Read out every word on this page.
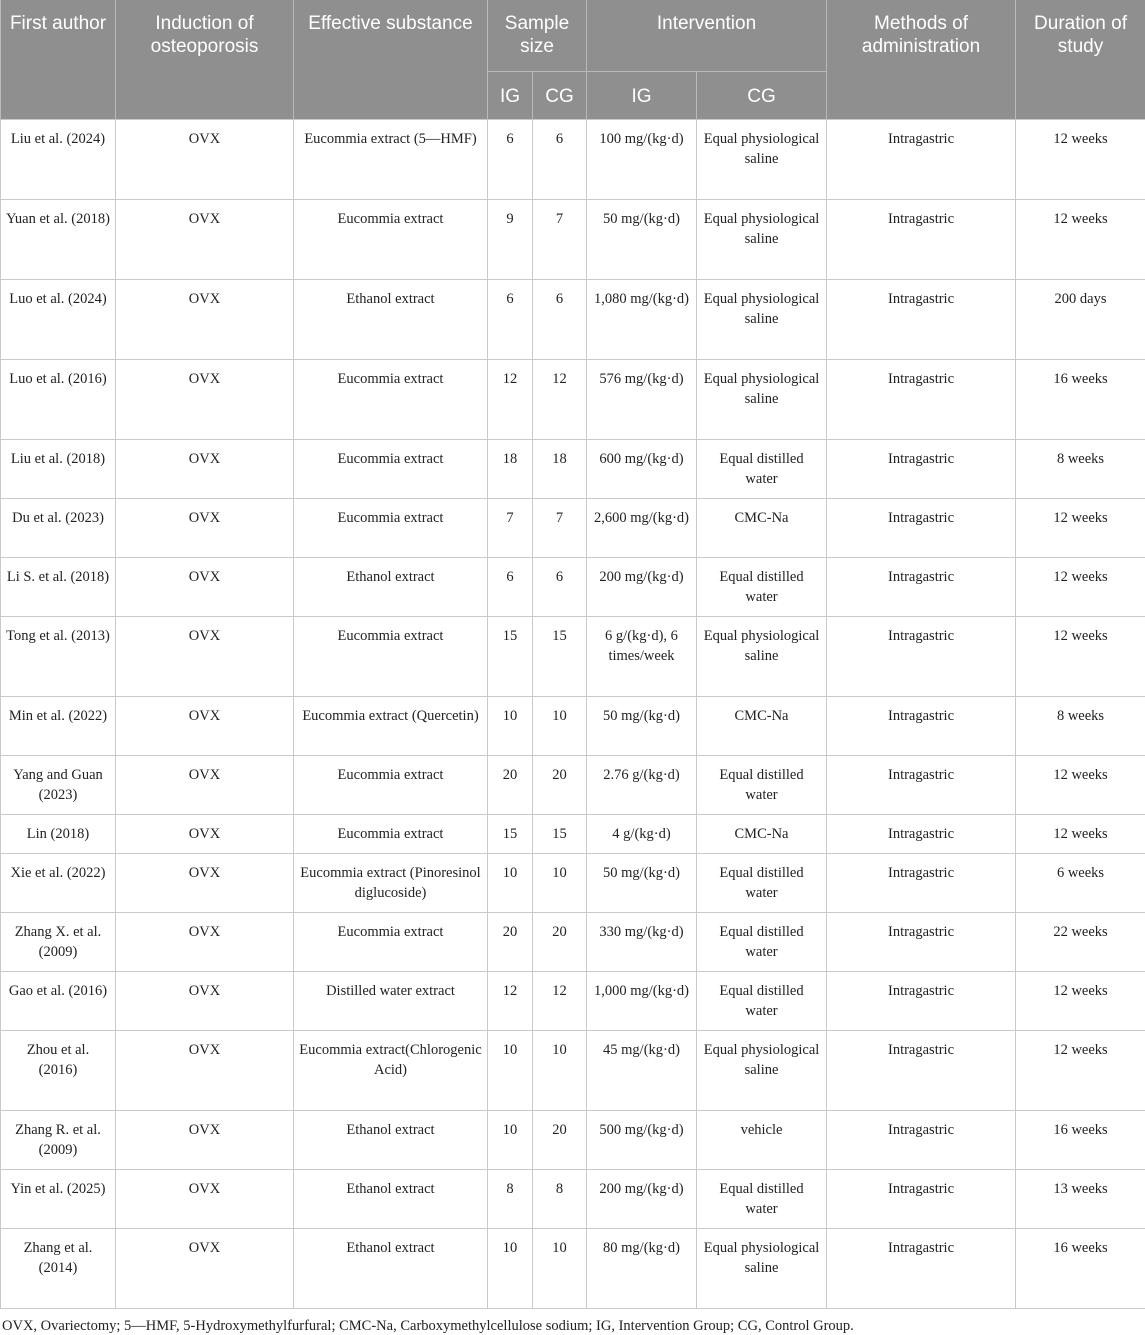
First author	Induction of osteoporosis	Effective substance	Sample size		Intervention		Methods of administration	Duration of study
			IG	CG	IG	CG		
Liu et al. (2024)	OVX	Eucommia extract (5—HMF)	6	6	100 mg/(kg·d)	Equal physiological saline	Intragastric	12 weeks
Yuan et al. (2018)	OVX	Eucommia extract	9	7	50 mg/(kg·d)	Equal physiological saline	Intragastric	12 weeks
Luo et al. (2024)	OVX	Ethanol extract	6	6	1,080 mg/(kg·d)	Equal physiological saline	Intragastric	200 days
Luo et al. (2016)	OVX	Eucommia extract	12	12	576 mg/(kg·d)	Equal physiological saline	Intragastric	16 weeks
Liu et al. (2018)	OVX	Eucommia extract	18	18	600 mg/(kg·d)	Equal distilled water	Intragastric	8 weeks
Du et al. (2023)	OVX	Eucommia extract	7	7	2,600 mg/(kg·d)	CMC-Na	Intragastric	12 weeks
Li S. et al. (2018)	OVX	Ethanol extract	6	6	200 mg/(kg·d)	Equal distilled water	Intragastric	12 weeks
Tong et al. (2013)	OVX	Eucommia extract	15	15	6 g/(kg·d), 6 times/week	Equal physiological saline	Intragastric	12 weeks
Min et al. (2022)	OVX	Eucommia extract (Quercetin)	10	10	50 mg/(kg·d)	CMC-Na	Intragastric	8 weeks
Yang and Guan (2023)	OVX	Eucommia extract	20	20	2.76 g/(kg·d)	Equal distilled water	Intragastric	12 weeks
Lin (2018)	OVX	Eucommia extract	15	15	4 g/(kg·d)	CMC-Na	Intragastric	12 weeks
Xie et al. (2022)	OVX	Eucommia extract (Pinoresinol diglucoside)	10	10	50 mg/(kg·d)	Equal distilled water	Intragastric	6 weeks
Zhang X. et al. (2009)	OVX	Eucommia extract	20	20	330 mg/(kg·d)	Equal distilled water	Intragastric	22 weeks
Gao et al. (2016)	OVX	Distilled water extract	12	12	1,000 mg/(kg·d)	Equal distilled water	Intragastric	12 weeks
Zhou et al. (2016)	OVX	Eucommia extract(Chlorogenic Acid)	10	10	45 mg/(kg·d)	Equal physiological saline	Intragastric	12 weeks
Zhang R. et al. (2009)	OVX	Ethanol extract	10	20	500 mg/(kg·d)	vehicle	Intragastric	16 weeks
Yin et al. (2025)	OVX	Ethanol extract	8	8	200 mg/(kg·d)	Equal distilled water	Intragastric	13 weeks
Zhang et al. (2014)	OVX	Ethanol extract	10	10	80 mg/(kg·d)	Equal physiological saline	Intragastric	16 weeks
OVX, Ovariectomy; 5—HMF, 5-Hydroxymethylfurfural; CMC-Na, Carboxymethylcellulose sodium; IG, Intervention Group; CG, Control Group.
